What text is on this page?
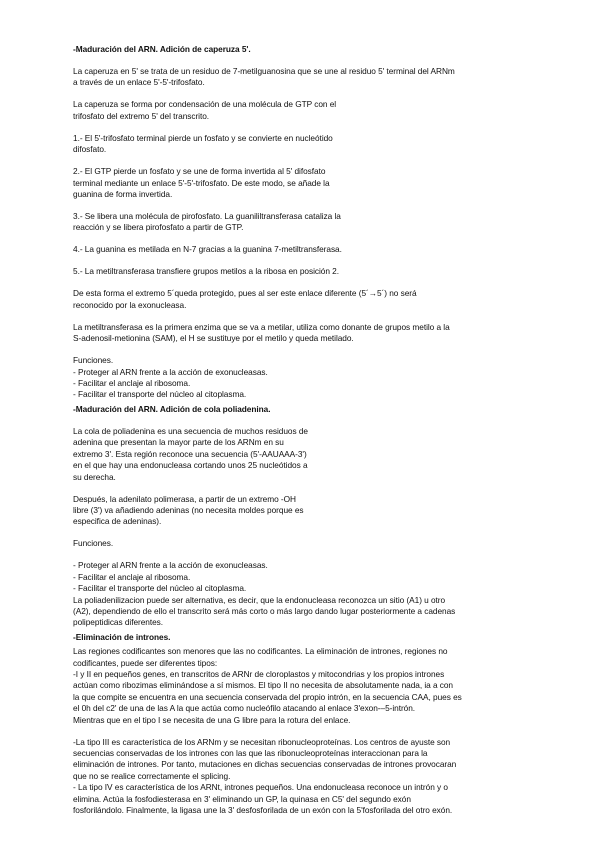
-Maduración del ARN. Adición de caperuza 5'.

La caperuza en 5' se trata de un residuo de 7-metilguanosina que se une al residuo 5' terminal del ARNm
a través de un enlace 5'-5'-trifosfato.

La caperuza se forma por condensación de una molécula de GTP con el
trifosfato del extremo 5' del transcrito.

1.- El 5'-trifosfato terminal pierde un fosfato y se convierte en nucleótido
difosfato.

2.- El GTP pierde un fosfato y se une de forma invertida al 5' difosfato
terminal mediante un enlace 5'-5'-trifosfato. De este modo, se añade la
guanina de forma invertida.

3.- Se libera una molécula de pirofosfato. La guanililtransferasa cataliza la
reacción y se libera pirofosfato a partir de GTP.

4.- La guanina es metilada en N-7 gracias a la guanina 7-metiltransferasa.

5.- La metiltransferasa transfiere grupos metilos a la ribosa en posición 2.

De esta forma el extremo 5´queda protegido, pues al ser este enlace diferente (5´→5´) no será
reconocido por la exonucleasa.

La metiltransferasa es la primera enzima que se va a metilar, utiliza como donante de grupos metilo a la
S-adenosil-metionina (SAM), el H se sustituye por el metilo y queda metilado.

Funciones.
- Proteger al ARN frente a la acción de exonucleasas.
- Facilitar el anclaje al ribosoma.
- Facilitar el transporte del núcleo al citoplasma.

-Maduración del ARN. Adición de cola poliadenina.

La cola de poliadenina es una secuencia de muchos residuos de
adenina que presentan la mayor parte de los ARNm en su
extremo 3'. Esta región reconoce una secuencia (5'-AAUAAA-3')
en el que hay una endonucleasa cortando unos 25 nucleótidos a
su derecha.

Después, la adenilato polimerasa, a partir de un extremo -OH
libre (3') va añadiendo adeninas (no necesita moldes porque es
especifica de adeninas).

Funciones.

- Proteger al ARN frente a la acción de exonucleasas.
- Facilitar el anclaje al ribosoma.
- Facilitar el transporte del núcleo al citoplasma.
La poliadenilizacion puede ser alternativa, es decir, que la endonucleasa reconozca un sitio (A1) u otro
(A2), dependiendo de ello el transcrito será más corto o más largo dando lugar posteriormente a cadenas
polipeptidicas diferentes.

-Eliminación de intrones.

Las regiones codificantes son menores que las no codificantes. La eliminación de intrones, regiones no
codificantes, puede ser diferentes tipos:
-I y II en pequeños genes, en transcritos de ARNr de cloroplastos y mitocondrias y los propios intrones
actúan como ribozimas eliminándose a sí mismos. El tipo II no necesita de absolutamente nada, ia a con
la que compite se encuentra en una secuencia conservada del propio intrón, en la secuencia CAA, pues es
el 0h del c2' de una de las A la que actúa como nucleófilo atacando al enlace 3'exon-–5-intrón.
Mientras que en el tipo I se necesita de una G libre para la rotura del enlace.

-La tipo III es característica de los ARNm y se necesitan ribonucleoproteínas. Los centros de ayuste son
secuencias conservadas de los intrones con las que las ribonucleoproteínas interaccionan para la
eliminación de intrones. Por tanto, mutaciones en dichas secuencias conservadas de intrones provocaran
que no se realice correctamente el splicing.
- La tipo IV es característica de los ARNt, intrones pequeños. Una endonucleasa reconoce un intrón y o
elimina. Actúa la fosfodiesterasa en 3' eliminando un GP, la quinasa en C5' del segundo exón
fosforilándolo. Finalmente, la ligasa une la 3' desfosforilada de un exón con la 5'fosforilada del otro exón.
